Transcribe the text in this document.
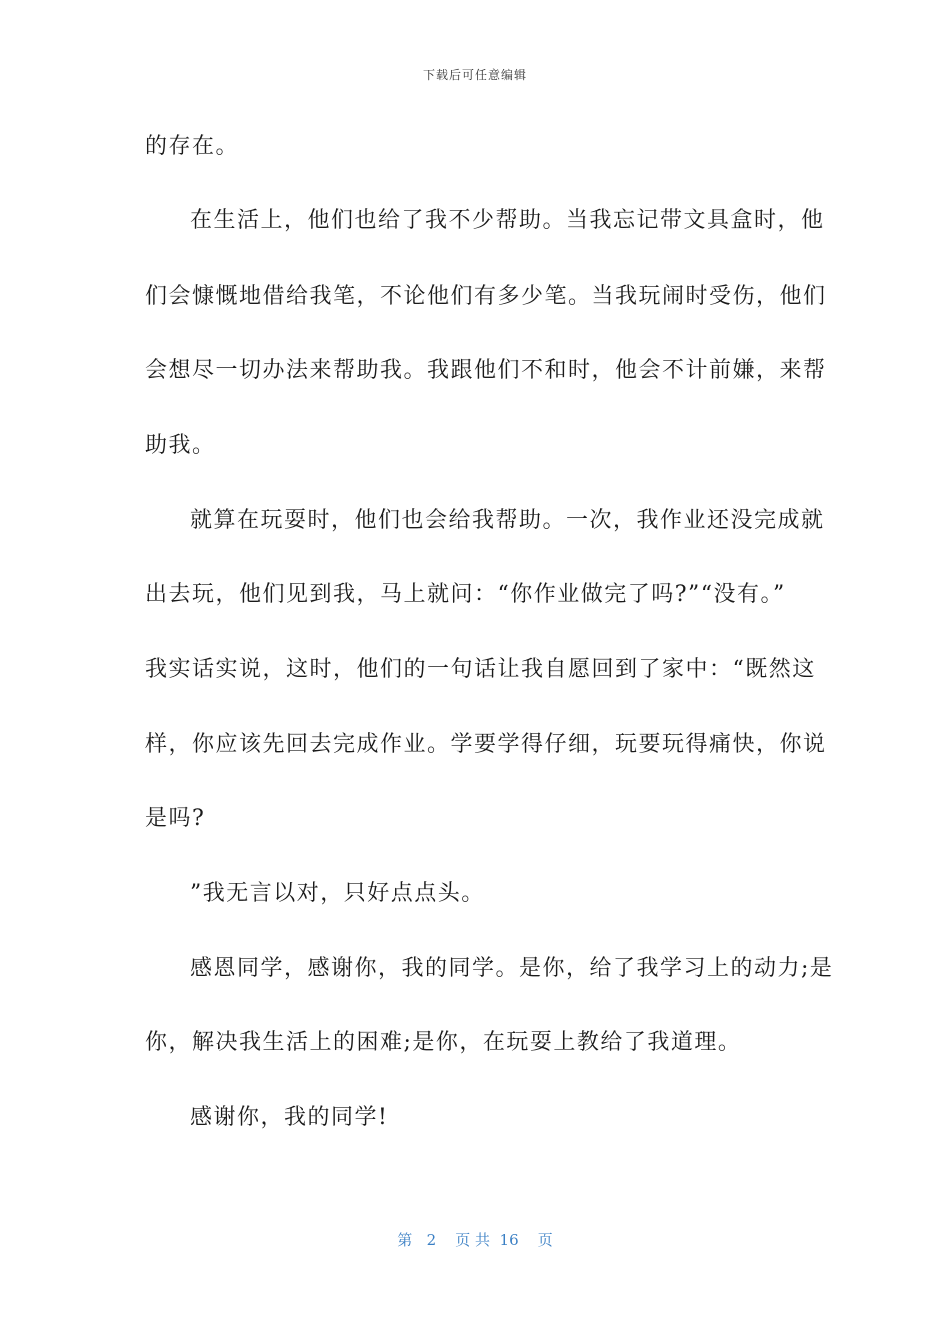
下载后可任意编辑
的存在。
在生活上，他们也给了我不少帮助。当我忘记带文具盒时，他
们会慷慨地借给我笔，不论他们有多少笔。当我玩闹时受伤，他们
会想尽一切办法来帮助我。我跟他们不和时，他会不计前嫌，来帮
助我。
就算在玩耍时，他们也会给我帮助。一次，我作业还没完成就
出去玩，他们见到我，马上就问：“你作业做完了吗?”“没有。”
我实话实说，这时，他们的一句话让我自愿回到了家中：“既然这
样，你应该先回去完成作业。学要学得仔细，玩要玩得痛快，你说
是吗?
”我无言以对，只好点点头。
感恩同学，感谢你，我的同学。是你，给了我学习上的动力;是
你，解决我生活上的困难;是你，在玩耍上教给了我道理。
感谢你，我的同学!
第 2 页 共 16 页
